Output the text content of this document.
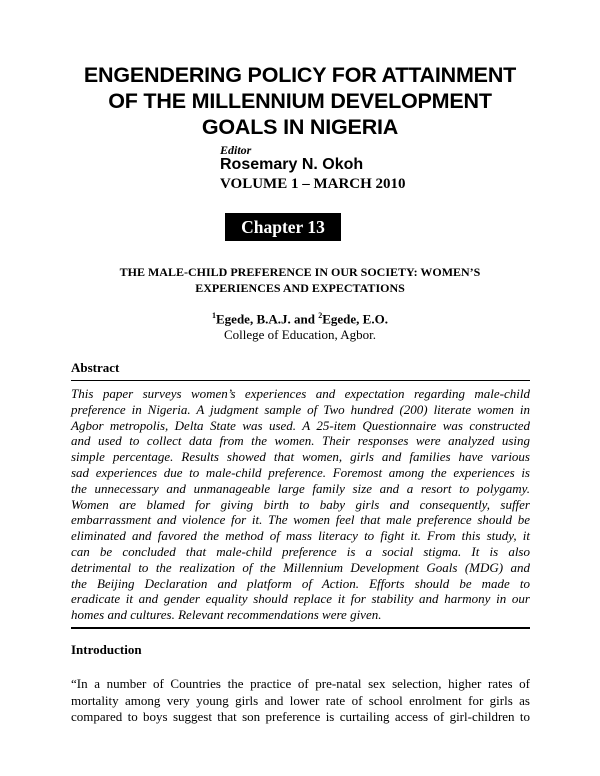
ENGENDERING POLICY FOR ATTAINMENT
OF THE MILLENNIUM DEVELOPMENT
GOALS IN NIGERIA
Editor
Rosemary N. Okoh
VOLUME 1 – MARCH 2010
Chapter 13
THE MALE-CHILD PREFERENCE IN OUR SOCIETY: WOMEN’S
EXPERIENCES AND EXPECTATIONS
$^1$Egede, B.A.J. and $^2$Egede, E.O.
College of Education, Agbor.
Abstract
This paper surveys women’s experiences and expectation regarding male-child
preference in Nigeria. A judgment sample of Two hundred (200) literate women in
Agbor metropolis, Delta State was used. A 25-item Questionnaire was constructed
and used to collect data from the women. Their responses were analyzed using
simple percentage. Results showed that women, girls and families have various
sad experiences due to male-child preference. Foremost among the experiences is
the unnecessary and unmanageable large family size and a resort to polygamy.
Women are blamed for giving birth to baby girls and consequently, suffer
embarrassment and violence for it. The women feel that male preference should be
eliminated and favored the method of mass literacy to fight it. From this study, it
can be concluded that male-child preference is a social stigma. It is also
detrimental to the realization of the Millennium Development Goals (MDG) and
the Beijing Declaration and platform of Action. Efforts should be made to
eradicate it and gender equality should replace it for stability and harmony in our
homes and cultures. Relevant recommendations were given.
Introduction
“In a number of Countries the practice of pre-natal sex selection, higher rates of
mortality among very young girls and lower rate of school enrolment for girls as
compared to boys suggest that son preference is curtailing access of girl-children to
